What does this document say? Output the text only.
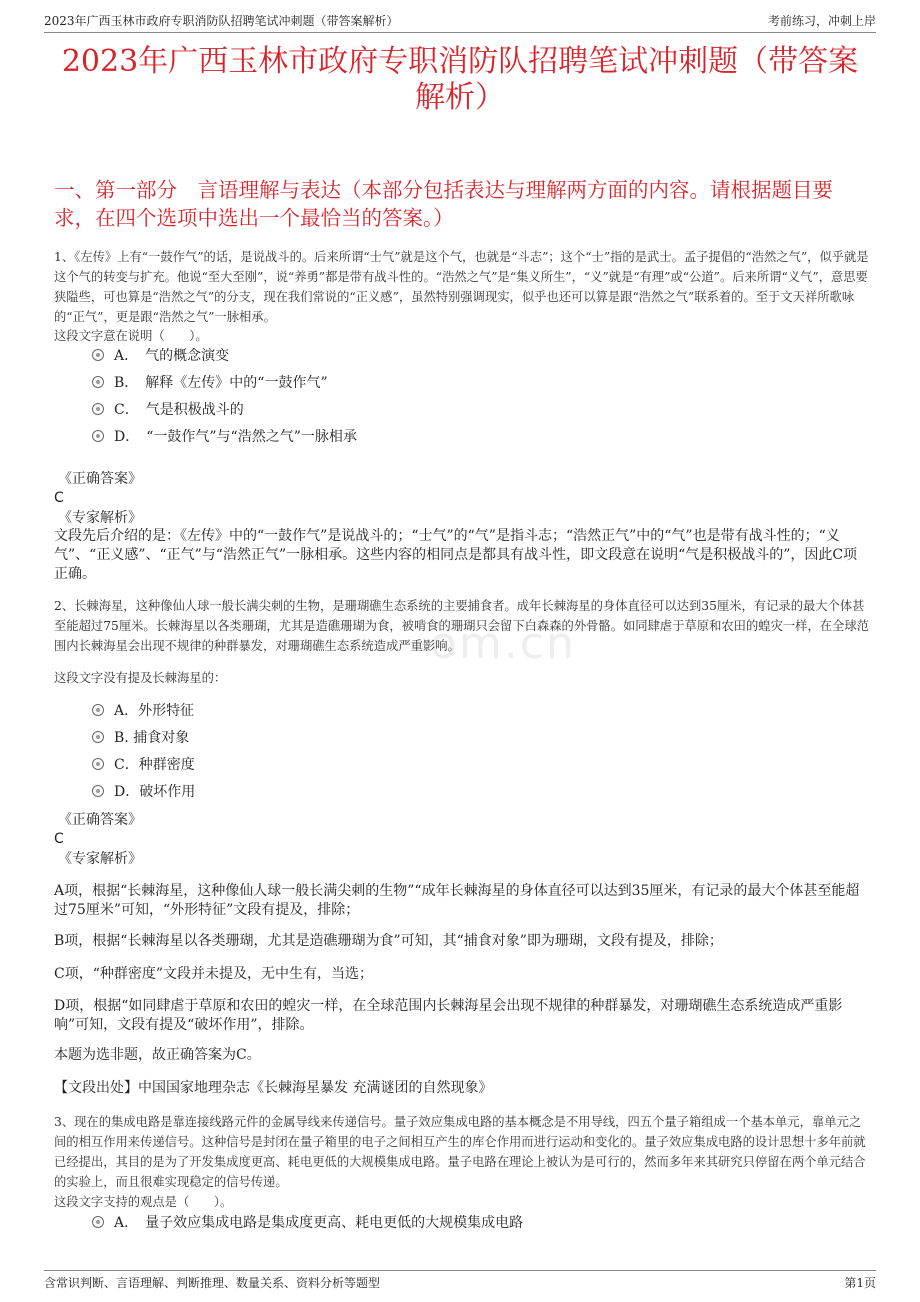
2023年广西玉林市政府专职消防队招聘笔试冲刺题（带答案解析）	考前练习，冲刺上岸
2023年广西玉林市政府专职消防队招聘笔试冲刺题（带答案解析）
一、第一部分　言语理解与表达（本部分包括表达与理解两方面的内容。请根据题目要求，在四个选项中选出一个最恰当的答案。）
om.cn
1、《左传》上有“一鼓作气”的话，是说战斗的。后来所谓“士气”就是这个气，也就是“斗志”；这个“士”指的是武士。孟子提倡的“浩然之气”，似乎就是这个气的转变与扩充。他说“至大至刚”，说“养勇”都是带有战斗性的。“浩然之气”是“集义所生”，“义”就是“有理”或“公道”。后来所谓“义气”，意思要狭隘些，可也算是“浩然之气”的分支，现在我们常说的“正义感”，虽然特别强调现实，似乎也还可以算是跟“浩然之气”联系着的。至于文天祥所歌咏的“正气”，更是跟“浩然之气”一脉相承。
这段文字意在说明（　　）。
A．　气的概念演变
B．　解释《左传》中的“一鼓作气”
C．　气是积极战斗的
D．　“一鼓作气”与“浩然之气”一脉相承
《正确答案》
C
《专家解析》
文段先后介绍的是：《左传》中的“一鼓作气”是说战斗的；“士气”的“气”是指斗志；“浩然正气”中的“气”也是带有战斗性的；“义气”、“正义感”、“正气”与“浩然正气”一脉相承。这些内容的相同点是都具有战斗性，即文段意在说明“气是积极战斗的”，因此C项正确。
2、长棘海星，这种像仙人球一般长满尖刺的生物，是珊瑚礁生态系统的主要捕食者。成年长棘海星的身体直径可以达到35厘米，有记录的最大个体甚至能超过75厘米。长棘海星以各类珊瑚，尤其是造礁珊瑚为食，被啃食的珊瑚只会留下白森森的外骨骼。如同肆虐于草原和农田的蝗灾一样，在全球范围内长棘海星会出现不规律的种群暴发，对珊瑚礁生态系统造成严重影响。
这段文字没有提及长棘海星的：
A．外形特征
B. 捕食对象
C．种群密度
D．破坏作用
《正确答案》
C
《专家解析》
A项，根据“长棘海星，这种像仙人球一般长满尖刺的生物”“成年长棘海星的身体直径可以达到35厘米，有记录的最大个体甚至能超过75厘米”可知，“外形特征”文段有提及，排除；
B项，根据“长棘海星以各类珊瑚，尤其是造礁珊瑚为食”可知，其“捕食对象”即为珊瑚，文段有提及，排除；
C项，“种群密度”文段并未提及，无中生有，当选；
D项，根据“如同肆虐于草原和农田的蝗灾一样，在全球范围内长棘海星会出现不规律的种群暴发，对珊瑚礁生态系统造成严重影响”可知，文段有提及“破坏作用”，排除。
本题为选非题，故正确答案为C。
【文段出处】中国国家地理杂志《长棘海星暴发 充满谜团的自然现象》
3、现在的集成电路是靠连接线路元件的金属导线来传递信号。量子效应集成电路的基本概念是不用导线，四五个量子箱组成一个基本单元，靠单元之间的相互作用来传递信号。这种信号是封闭在量子箱里的电子之间相互产生的库仑作用而进行运动和变化的。量子效应集成电路的设计思想十多年前就已经提出，其目的是为了开发集成度更高、耗电更低的大规模集成电路。量子电路在理论上被认为是可行的，然而多年来其研究只停留在两个单元结合的实验上，而且很难实现稳定的信号传递。
这段文字支持的观点是（　　）。
A．　量子效应集成电路是集成度更高、耗电更低的大规模集成电路
含常识判断、言语理解、判断推理、数量关系、资料分析等题型	第1页
